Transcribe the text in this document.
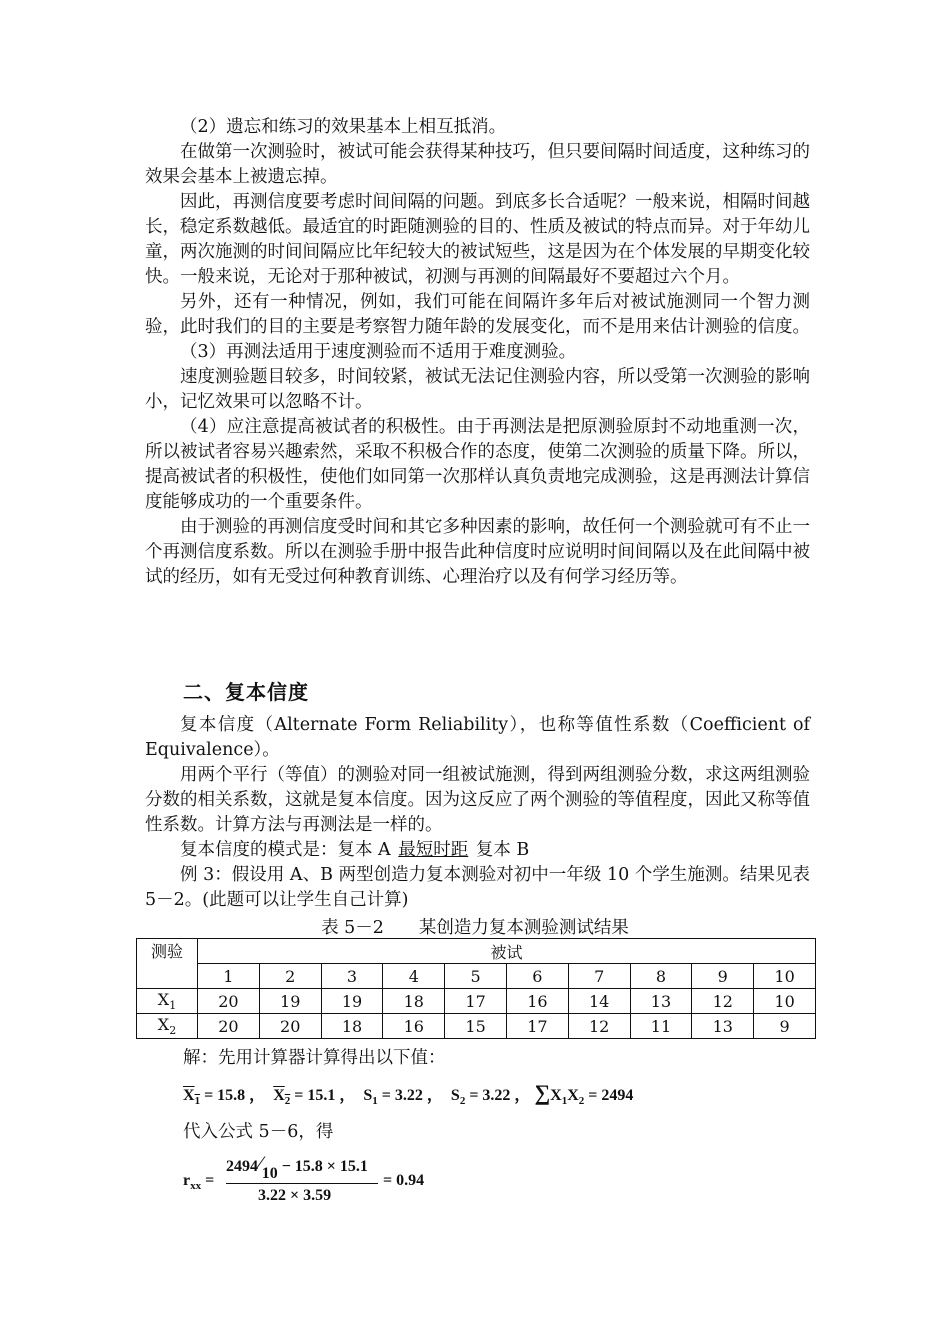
（2）遗忘和练习的效果基本上相互抵消。

在做第一次测验时，被试可能会获得某种技巧，但只要间隔时间适度，这种练习的效果会基本上被遗忘掉。

因此，再测信度要考虑时间间隔的问题。到底多长合适呢？一般来说，相隔时间越长，稳定系数越低。最适宜的时距随测验的目的、性质及被试的特点而异。对于年幼儿童，两次施测的时间间隔应比年纪较大的被试短些，这是因为在个体发展的早期变化较快。一般来说，无论对于那种被试，初测与再测的间隔最好不要超过六个月。

另外，还有一种情况，例如，我们可能在间隔许多年后对被试施测同一个智力测验，此时我们的目的主要是考察智力随年龄的发展变化，而不是用来估计测验的信度。

（3）再测法适用于速度测验而不适用于难度测验。

速度测验题目较多，时间较紧，被试无法记住测验内容，所以受第一次测验的影响小，记忆效果可以忽略不计。

（4）应注意提高被试者的积极性。由于再测法是把原测验原封不动地重测一次，所以被试者容易兴趣索然，采取不积极合作的态度，使第二次测验的质量下降。所以，提高被试者的积极性，使他们如同第一次那样认真负责地完成测验，这是再测法计算信度能够成功的一个重要条件。

由于测验的再测信度受时间和其它多种因素的影响，故任何一个测验就可有不止一个再测信度系数。所以在测验手册中报告此种信度时应说明时间间隔以及在此间隔中被试的经历，如有无受过何种教育训练、心理治疗以及有何学习经历等。

二、复本信度

复本信度（Alternate Form Reliability），也称等值性系数（Coefficient of Equivalence）。

用两个平行（等值）的测验对同一组被试施测，得到两组测验分数，求这两组测验分数的相关系数，这就是复本信度。因为这反应了两个测验的等值程度，因此又称等值性系数。计算方法与再测法是一样的。

复本信度的模式是：复本 A 最短时距 复本 B

例 3：假设用 A、B 两型创造力复本测验对初中一年级 10 个学生施测。结果见表 5－2。(此题可以让学生自己计算)

表 5－2　　某创造力复本测验测试结果
测验	被试									
	1	2	3	4	5	6	7	8	9	10
$X_1$	20	19	19	18	17	16	14	13	12	10
$X_2$	20	20	18	16	15	17	12	11	13	9
解：先用计算器计算得出以下值：
$X_1 = 15.8$ ， $X_2 = 15.1$ ，  $S_1 = 3.22$ ，  $S_2 = 3.22$ ， $\sum X_1X_2 = 2494$
代入公式 5－6，得
$r_{xx}$ =
2494⁄10 − 15.8 × 15.1
3.22 × 3.59
= 0.94
